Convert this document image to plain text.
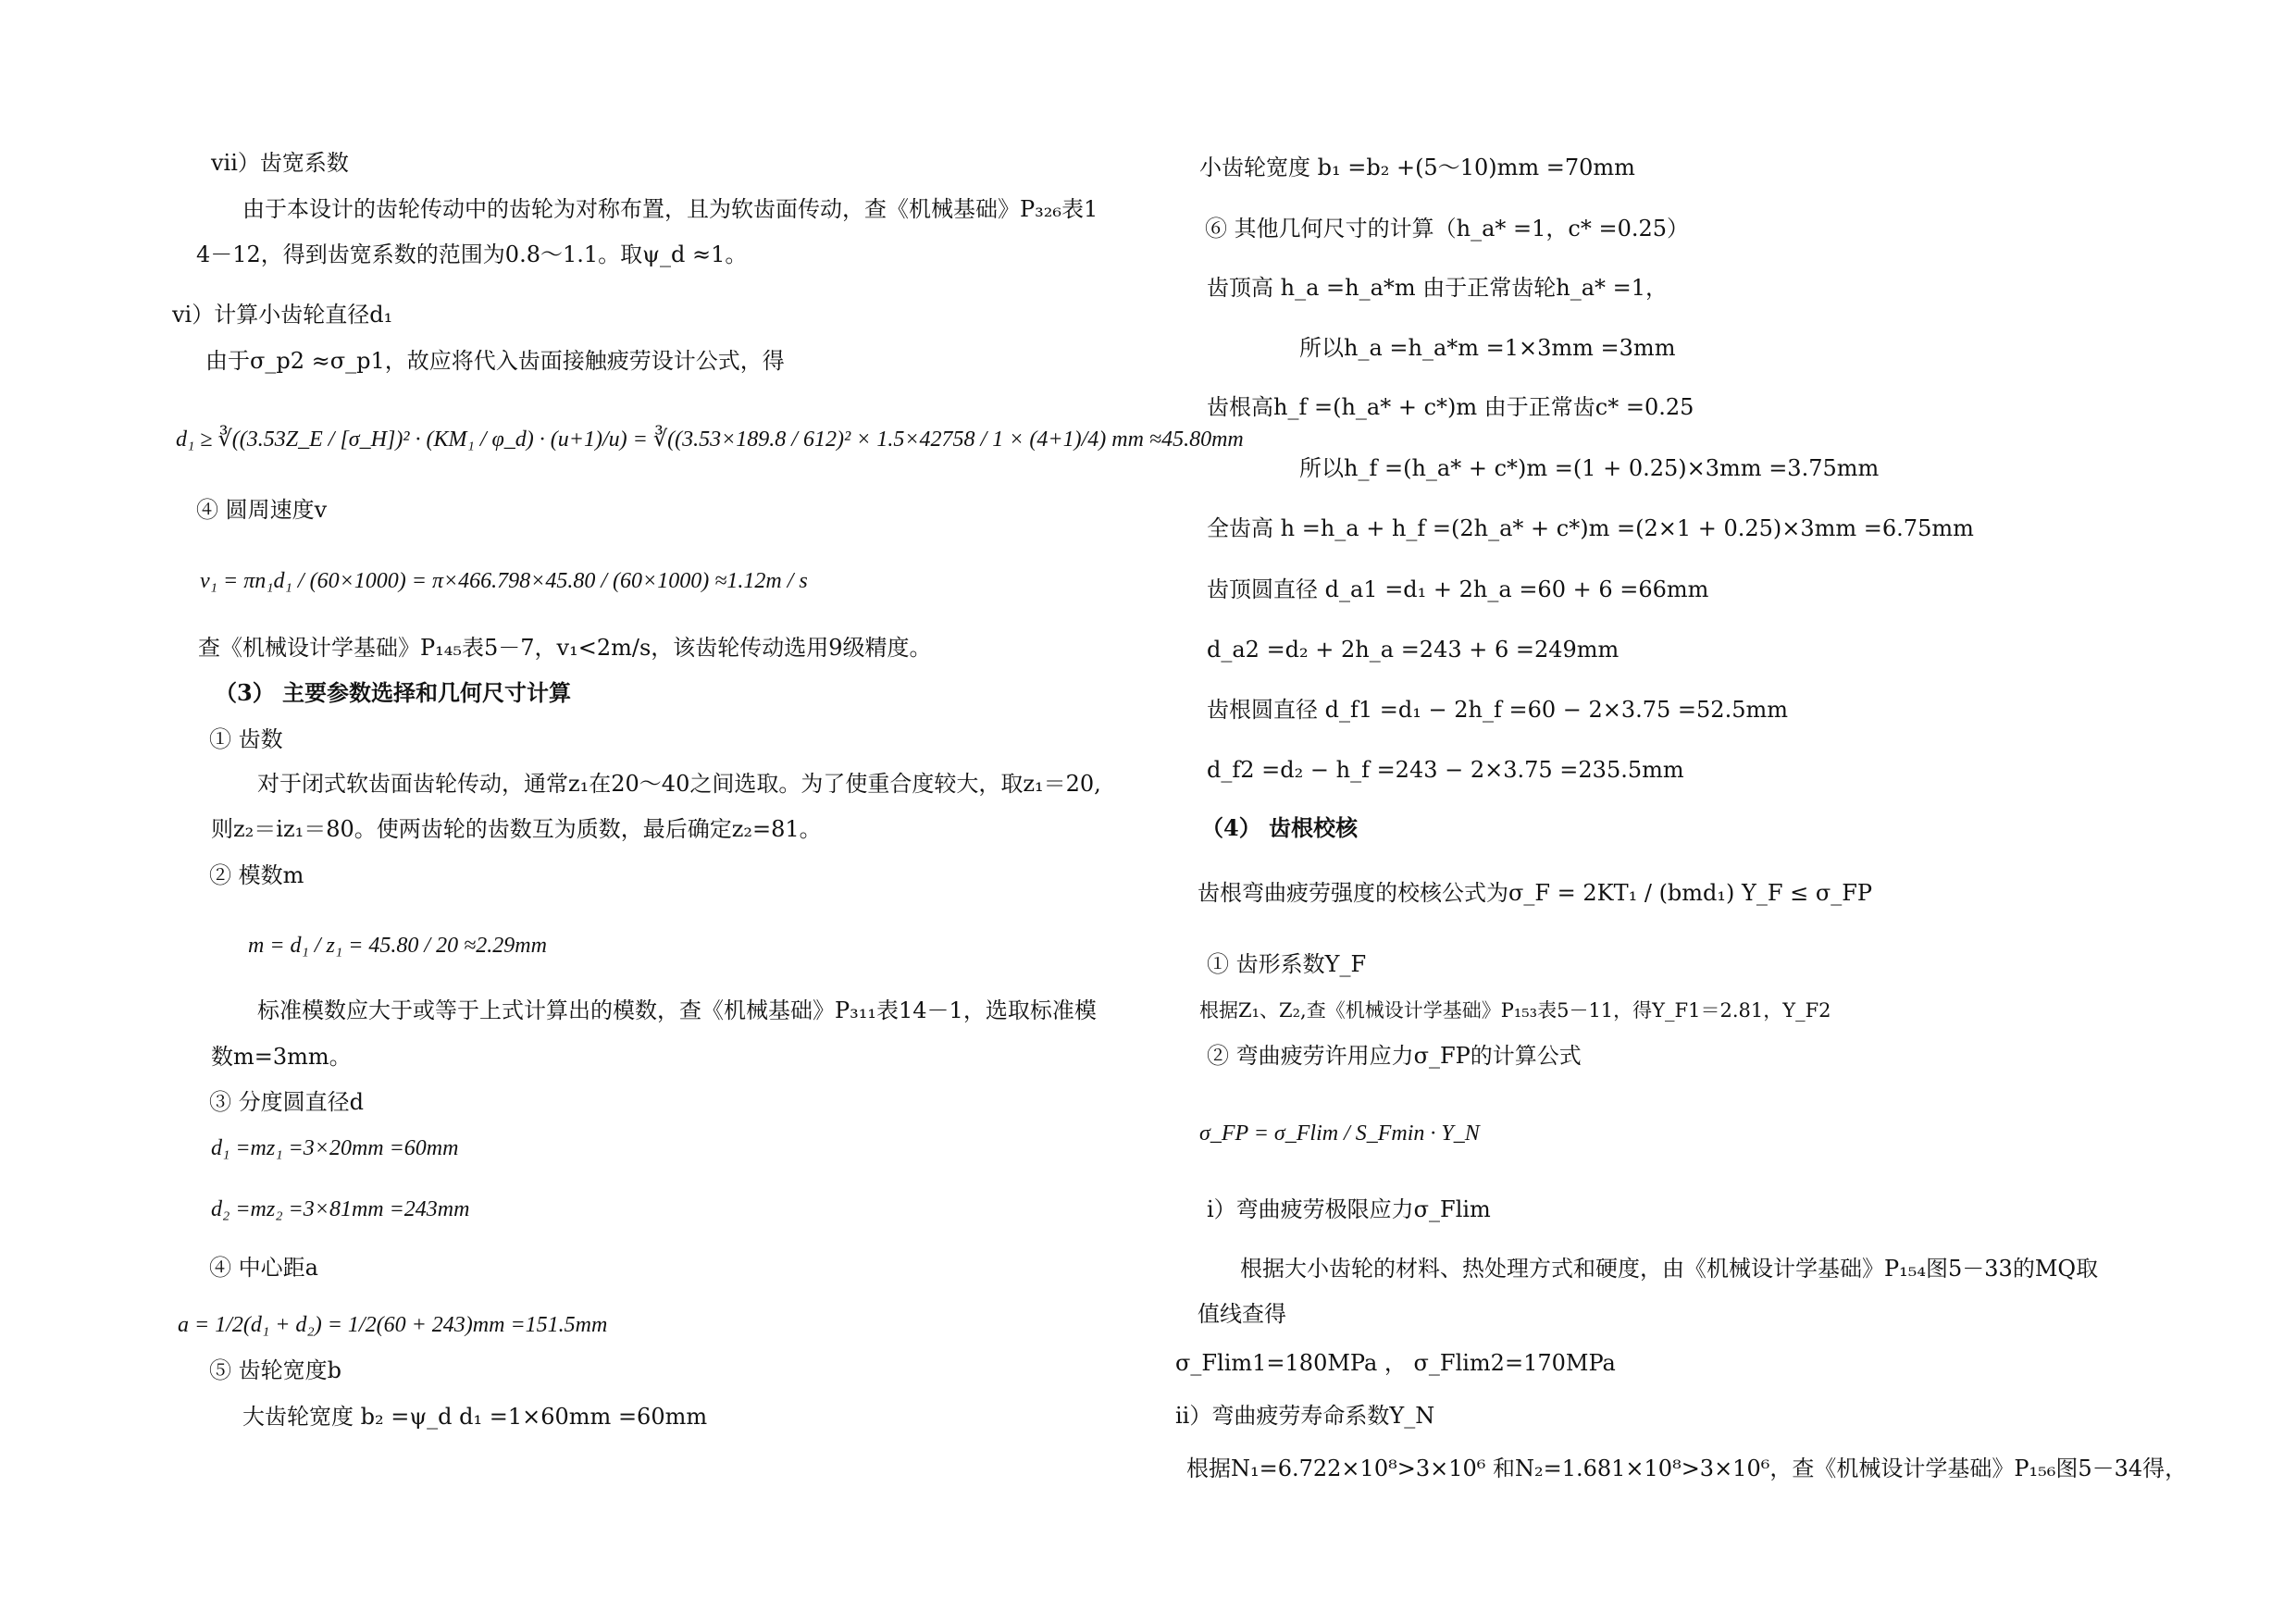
vii）齿宽系数
由于本设计的齿轮传动中的齿轮为对称布置，且为软齿面传动，查《机械基础》P₃₂₆表1
4－12，得到齿宽系数的范围为0.8～1.1。取ψ_d ≈1。
vi）计算小齿轮直径d₁
由于σ_p2 ≈σ_p1，故应将代入齿面接触疲劳设计公式，得
d₁ ≥ ∛((3.53Z_E / [σ_H])² · (KM₁ / φ_d) · (u+1)/u) = ∛((3.53×189.8 / 612)² × 1.5×42758 / 1 × (4+1)/4) mm ≈45.80mm
④ 圆周速度v
v₁ = πn₁d₁ / (60×1000) = π×466.798×45.80 / (60×1000) ≈1.12m / s
查《机械设计学基础》P₁₄₅表5－7，v₁<2m/s，该齿轮传动选用9级精度。
（3） 主要参数选择和几何尺寸计算
① 齿数
对于闭式软齿面齿轮传动，通常z₁在20～40之间选取。为了使重合度较大，取z₁＝20,
则z₂＝iz₁＝80。使两齿轮的齿数互为质数，最后确定z₂=81。
② 模数m
m = d₁ / z₁ = 45.80 / 20 ≈2.29mm
标准模数应大于或等于上式计算出的模数，查《机械基础》P₃₁₁表14－1，选取标准模
数m=3mm。
③ 分度圆直径d
d₁ =mz₁ =3×20mm =60mm
d₂ =mz₂ =3×81mm =243mm
④ 中心距a
a = 1/2(d₁ + d₂) = 1/2(60 + 243)mm =151.5mm
⑤ 齿轮宽度b
大齿轮宽度 b₂ =ψ_d d₁ =1×60mm =60mm
小齿轮宽度 b₁ =b₂ +(5～10)mm =70mm
⑥ 其他几何尺寸的计算（h_a* =1，c* =0.25）
齿顶高 h_a =h_a*m 由于正常齿轮h_a* =1，
所以h_a =h_a*m =1×3mm =3mm
齿根高h_f =(h_a* + c*)m 由于正常齿c* =0.25
所以h_f =(h_a* + c*)m =(1 + 0.25)×3mm =3.75mm
全齿高 h =h_a + h_f =(2h_a* + c*)m =(2×1 + 0.25)×3mm =6.75mm
齿顶圆直径 d_a1 =d₁ + 2h_a =60 + 6 =66mm
d_a2 =d₂ + 2h_a =243 + 6 =249mm
齿根圆直径 d_f1 =d₁ − 2h_f =60 − 2×3.75 =52.5mm
d_f2 =d₂ − h_f =243 − 2×3.75 =235.5mm
（4） 齿根校核
齿根弯曲疲劳强度的校核公式为σ_F = 2KT₁ / (bmd₁) Y_F ≤ σ_FP
① 齿形系数Y_F
根据Z₁、Z₂,查《机械设计学基础》P₁₅₃表5－11，得Y_F1＝2.81，Y_F2
② 弯曲疲劳许用应力σ_FP的计算公式
σ_FP = σ_Flim / S_Fmin · Y_N
i）弯曲疲劳极限应力σ_Flim
根据大小齿轮的材料、热处理方式和硬度，由《机械设计学基础》P₁₅₄图5－33的MQ取
值线查得
σ_Flim1=180MPa ， σ_Flim2=170MPa
ii）弯曲疲劳寿命系数Y_N
根据N₁=6.722×10⁸>3×10⁶ 和N₂=1.681×10⁸>3×10⁶，查《机械设计学基础》P₁₅₆图5－34得，
